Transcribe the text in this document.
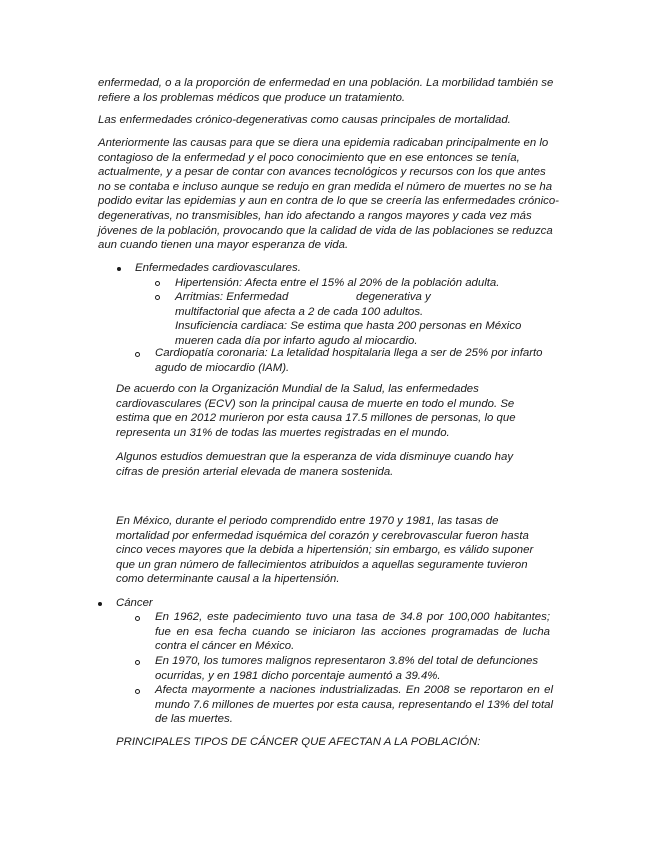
enfermedad, o a la proporción de enfermedad en una población. La morbilidad también se refiere a los problemas médicos que produce un tratamiento.

Las enfermedades crónico-degenerativas como causas principales de mortalidad.

Anteriormente las causas para que se diera una epidemia radicaban principalmente en lo contagioso de la enfermedad y el poco conocimiento que en ese entonces se tenía, actualmente, y a pesar de contar con avances tecnológicos y recursos con los que antes no se contaba e incluso aunque se redujo en gran medida el número de muertes no se ha podido evitar las epidemias y aun en contra de lo que se creería las enfermedades crónico-degenerativas, no transmisibles, han ido afectando a rangos mayores y cada vez más jóvenes de la población, provocando que la calidad de vida de las poblaciones se reduzca aun cuando tienen una mayor esperanza de vida.

Enfermedades cardiovasculares.

Hipertensión: Afecta entre el 15% al 20% de la población adulta.

Arritmias: Enfermedad	degenerativa y
multifactorial que afecta a 2 de cada 100 adultos.

Insuficiencia cardiaca: Se estima que hasta 200 personas en México mueren cada día por infarto agudo al miocardio.

Cardiopatía coronaria: La letalidad hospitalaria llega a ser de 25% por infarto agudo de miocardio (IAM).

De acuerdo con la Organización Mundial de la Salud, las enfermedades cardiovasculares (ECV) son la principal causa de muerte en todo el mundo. Se estima que en 2012 murieron por esta causa 17.5 millones de personas, lo que representa un 31% de todas las muertes registradas en el mundo.

Algunos estudios demuestran que la esperanza de vida disminuye cuando hay cifras de presión arterial elevada de manera sostenida.

En México, durante el periodo comprendido entre 1970 y 1981, las tasas de mortalidad por enfermedad isquémica del corazón y cerebrovascular fueron hasta cinco veces mayores que la debida a hipertensión; sin embargo, es válido suponer que un gran número de fallecimientos atribuidos a aquellas seguramente tuvieron como determinante causal a la hipertensión.

Cáncer

En 1962, este padecimiento tuvo una tasa de 34.8 por 100,000 habitantes; fue en esa fecha cuando se iniciaron las acciones programadas de lucha contra el cáncer en México.

En 1970, los tumores malignos representaron 3.8% del total de defunciones ocurridas, y en 1981 dicho porcentaje aumentó a 39.4%.

Afecta mayormente a naciones industrializadas. En 2008 se reportaron en el mundo 7.6 millones de muertes por esta causa, representando el 13% del total de las muertes.

PRINCIPALES TIPOS DE CÁNCER QUE AFECTAN A LA POBLACIÓN:
